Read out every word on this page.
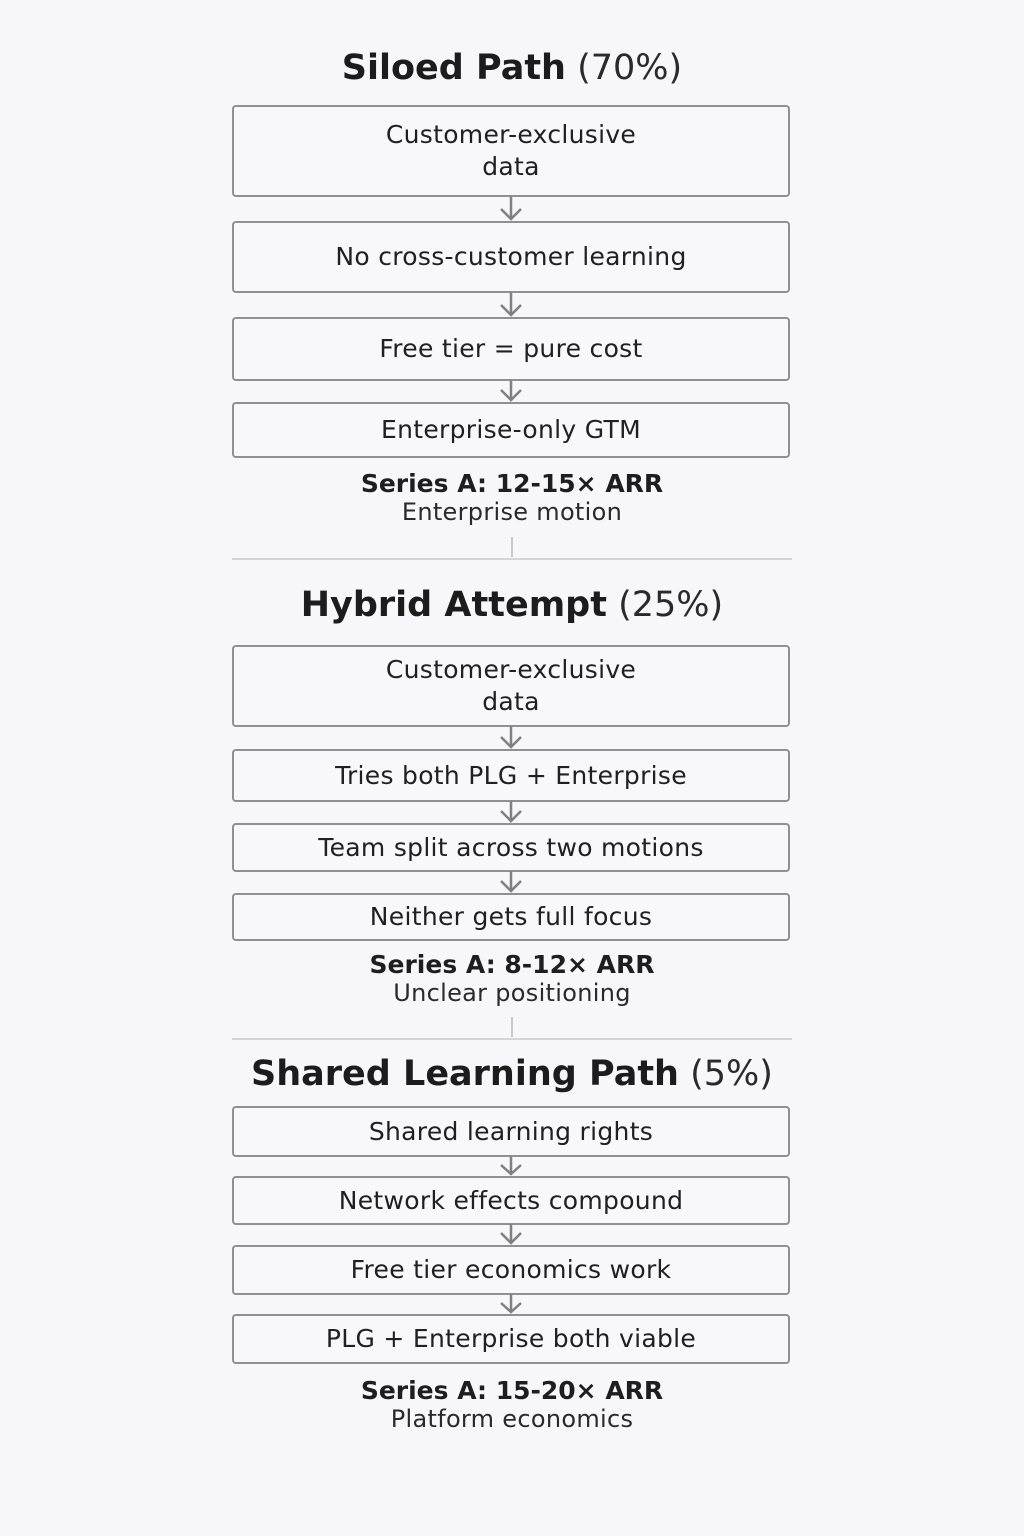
Siloed Path (70%)
Customer-exclusive data
No cross-customer learning
Free tier = pure cost
Enterprise-only GTM
Series A: 12-15× ARR
Enterprise motion
Hybrid Attempt (25%)
Customer-exclusive data
Tries both PLG + Enterprise
Team split across two motions
Neither gets full focus
Series A: 8-12× ARR
Unclear positioning
Shared Learning Path (5%)
Shared learning rights
Network effects compound
Free tier economics work
PLG + Enterprise both viable
Series A: 15-20× ARR
Platform economics
